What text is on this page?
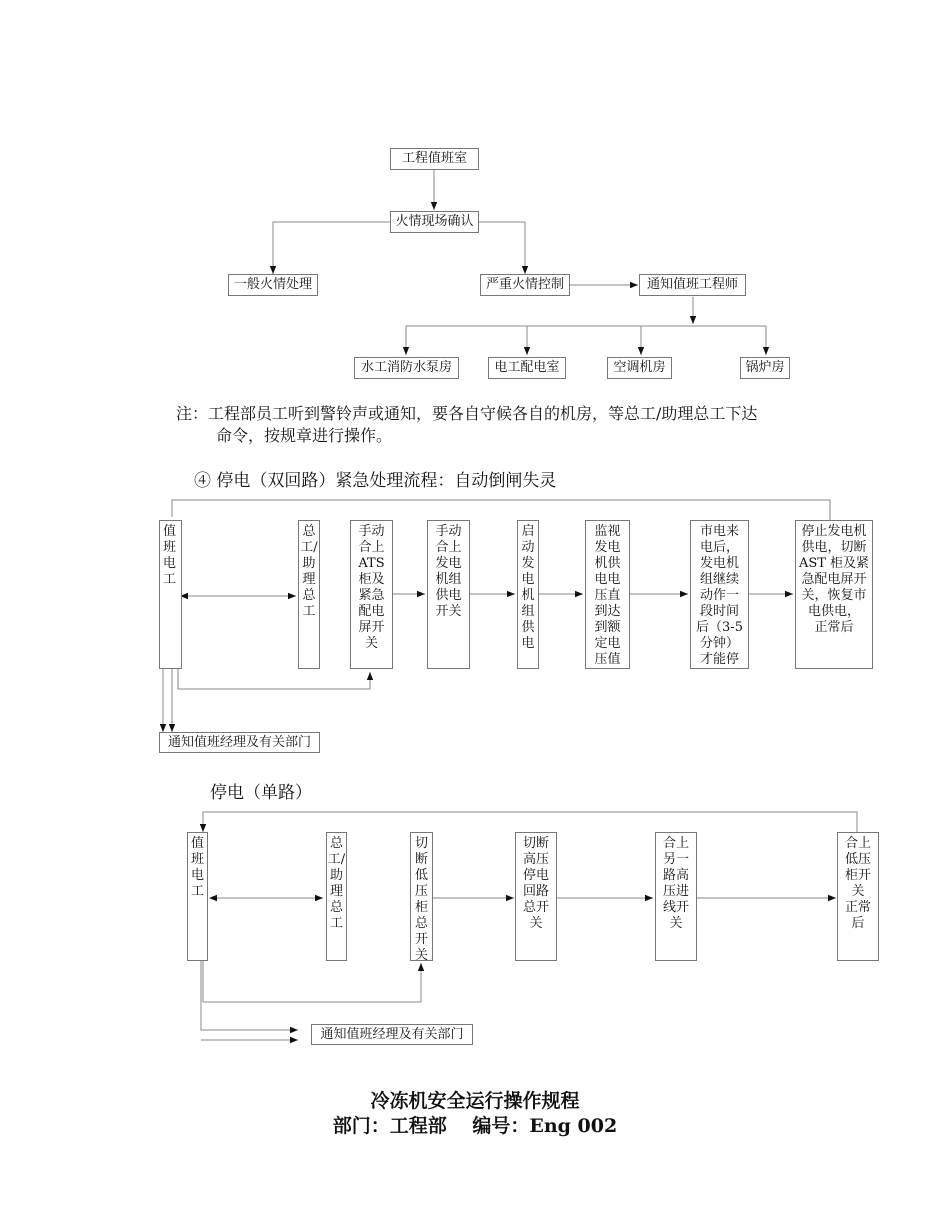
工程值班室
火情现场确认
一般火情处理	严重火情控制	通知值班工程师
水工消防水泵房	电工配电室	空调机房	锅炉房
注：工程部员工听到警铃声或通知，要各自守候各自的机房，等总工/助理总工下达
命令，按规章进行操作。
④ 停电（双回路）紧急处理流程：自动倒闸失灵
值
班
电
工
总
工/
助
理
总
工
手动
合上
ATS
柜及
紧急
配电
屏开
关
手动
合上
发电
机组
供电
开关
启
动
发
电
机
组
供
电
监视
发电
机供
电电
压直
到达
到额
定电
压值
市电来
电后，
发电机
组继续
动作一
段时间
后（3-5
分钟）
才能停
停止发电机
供电，切断
AST 柜及紧
急配电屏开
关，恢复市
电供电，
正常后
通知值班经理及有关部门
停电（单路）
值
班
电
工
总
工/
助
理
总
工
切
断
低
压
柜
总
开
关
切断
高压
停电
回路
总开
关
合上
另一
路高
压进
线开
关
合上
低压
柜开
关
正常
后
通知值班经理及有关部门
冷冻机安全运行操作规程
部门：工程部　 编号：Eng 002
